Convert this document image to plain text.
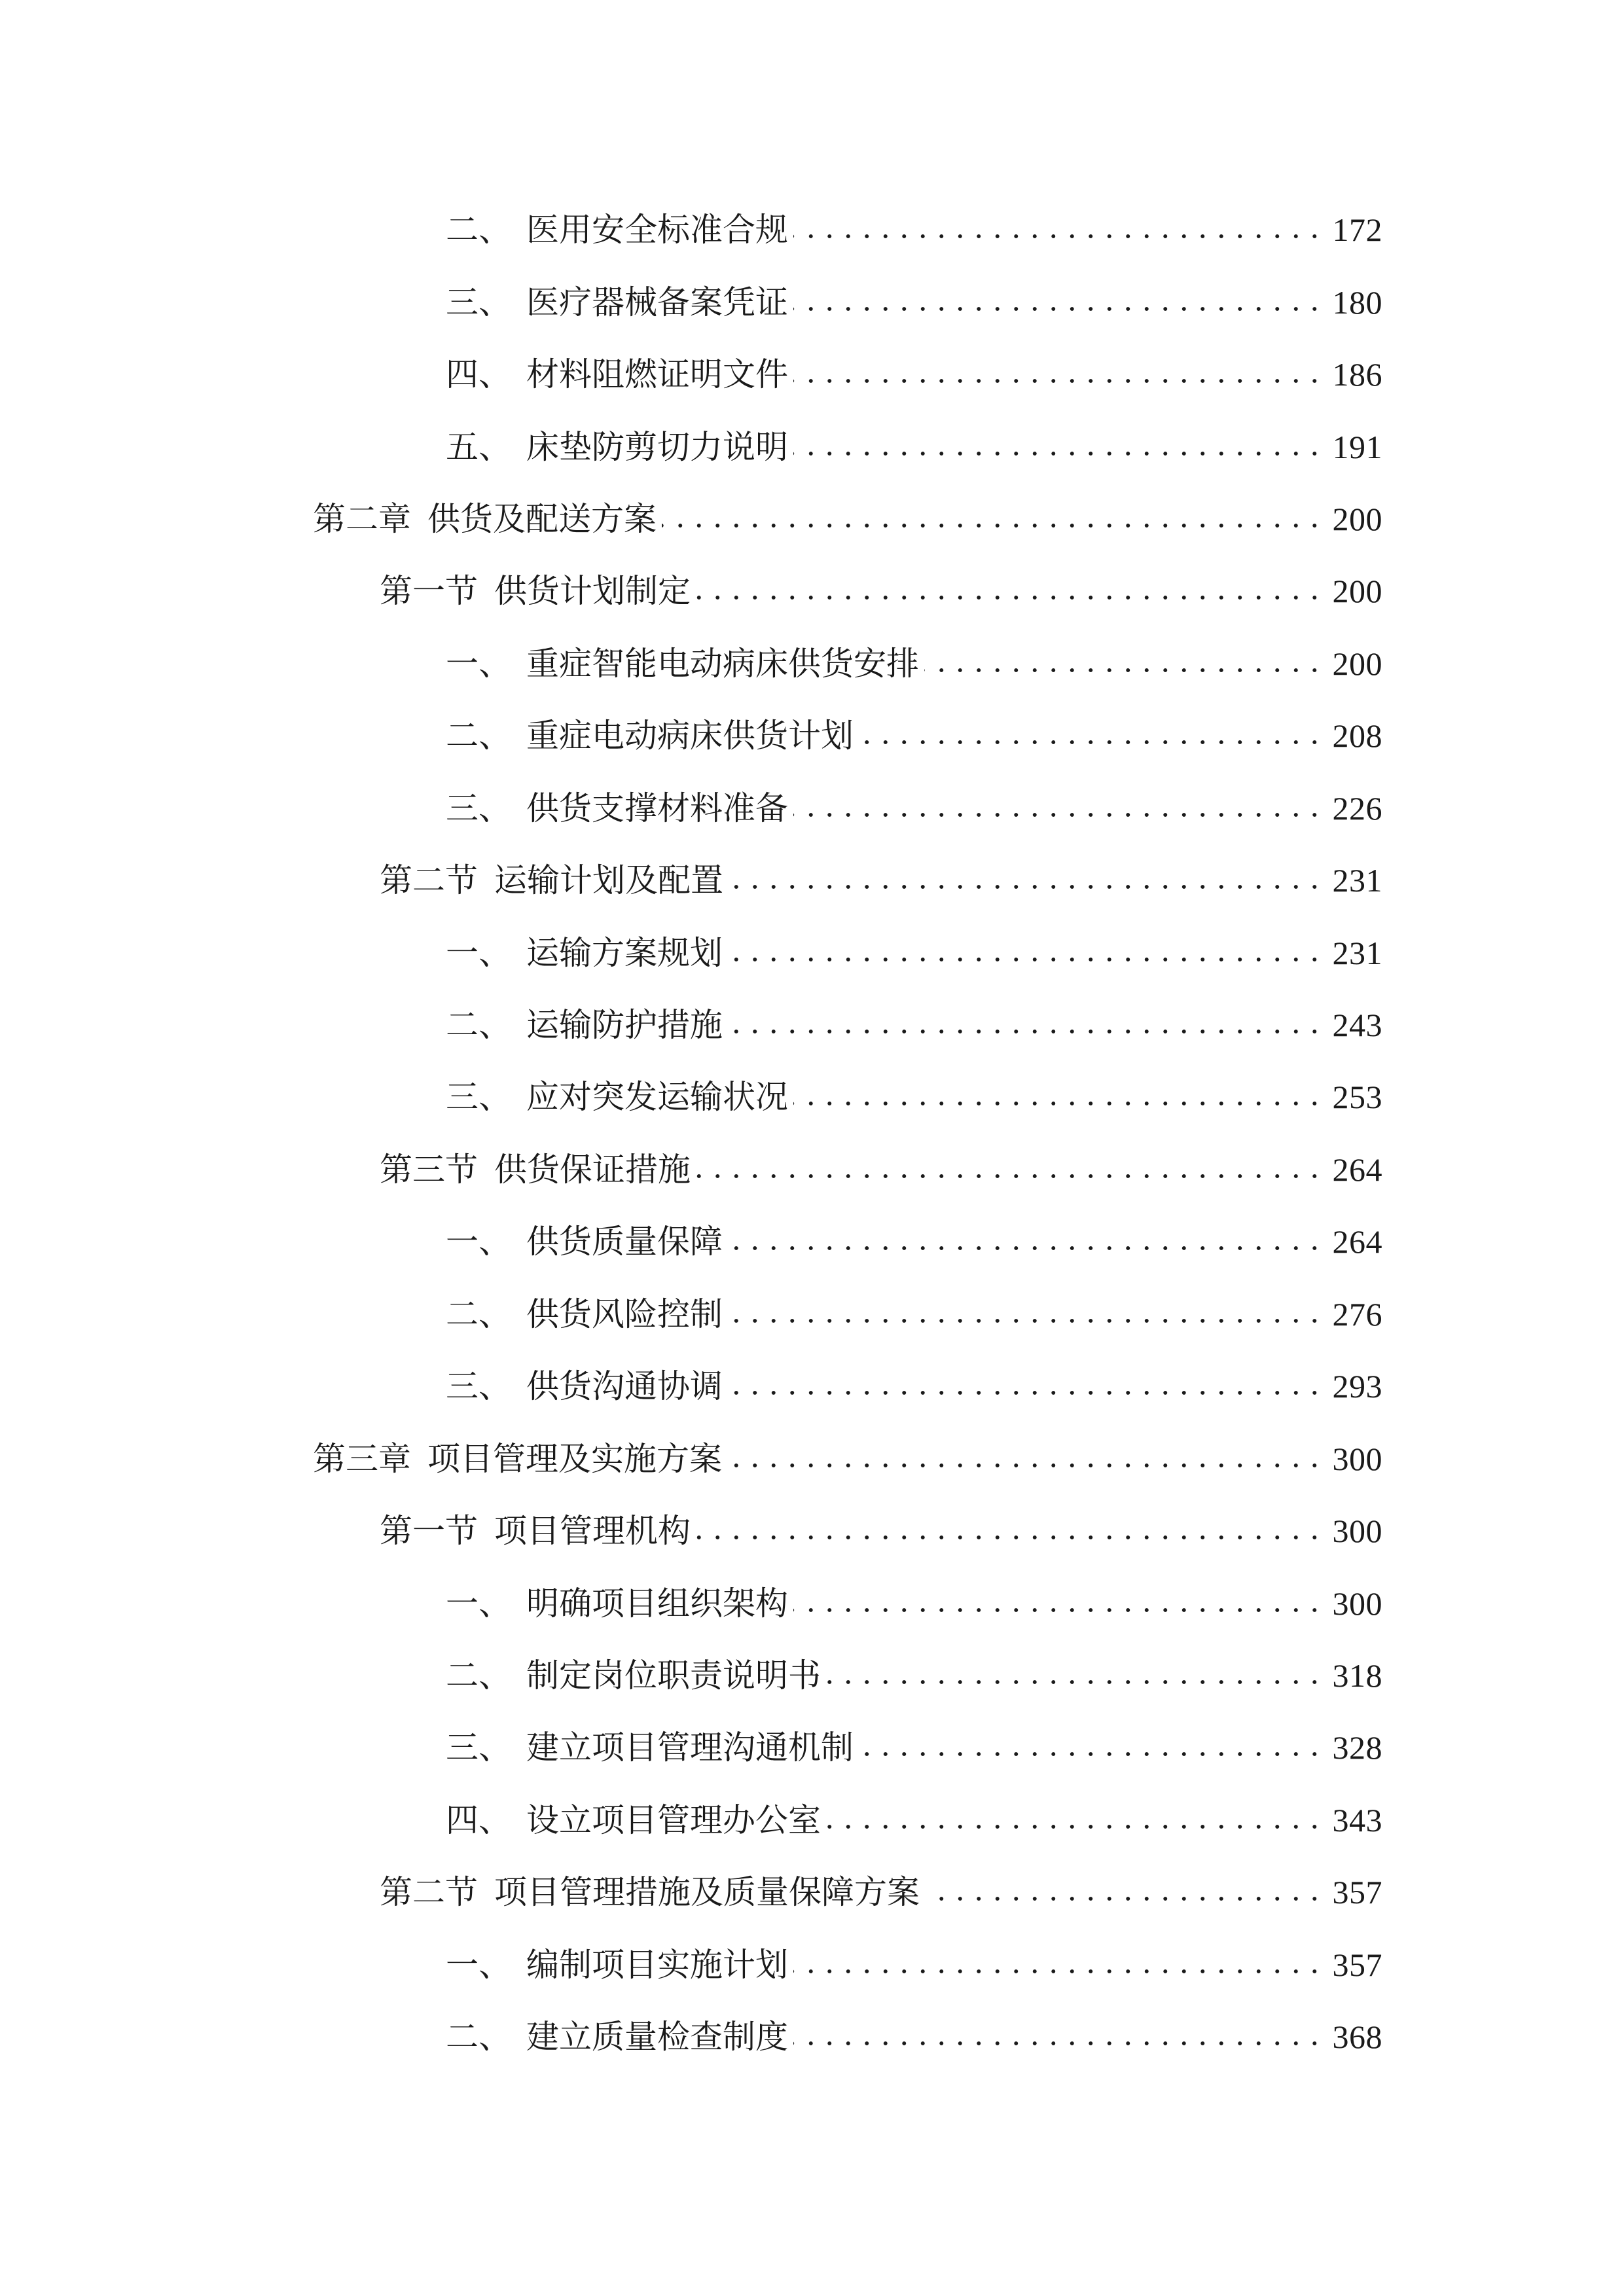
二、 医用安全标准合规	172
三、 医疗器械备案凭证	180
四、 材料阻燃证明文件	186
五、 床垫防剪切力说明	191
第二章 供货及配送方案	200
第一节 供货计划制定	200
一、 重症智能电动病床供货安排	200
二、 重症电动病床供货计划	208
三、 供货支撑材料准备	226
第二节 运输计划及配置	231
一、 运输方案规划	231
二、 运输防护措施	243
三、 应对突发运输状况	253
第三节 供货保证措施	264
一、 供货质量保障	264
二、 供货风险控制	276
三、 供货沟通协调	293
第三章 项目管理及实施方案	300
第一节 项目管理机构	300
一、 明确项目组织架构	300
二、 制定岗位职责说明书	318
三、 建立项目管理沟通机制	328
四、 设立项目管理办公室	343
第二节 项目管理措施及质量保障方案	357
一、 编制项目实施计划	357
二、 建立质量检查制度	368
